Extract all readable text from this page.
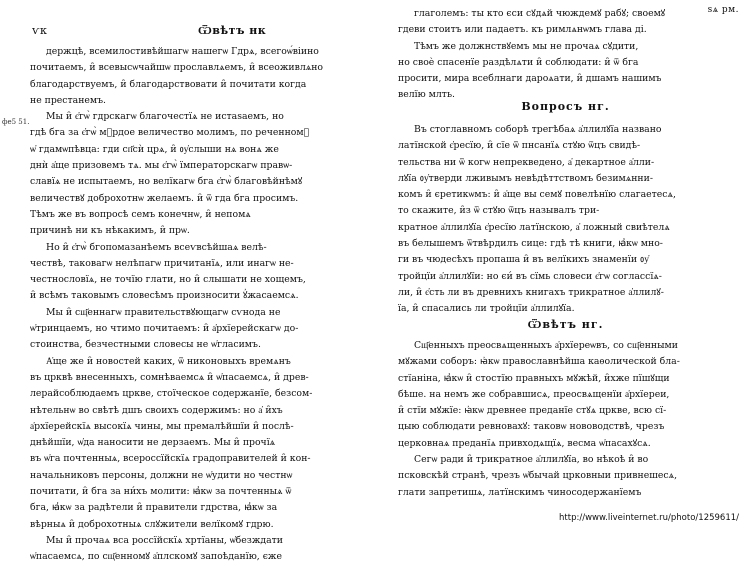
ѵк	Ѿвѣтъ нк
фе5 51.
держцѣ, всемилостивѣйшагѡ нашегѡ Гдрѧ, всегоѡ́віино
почитаемъ, и̑ всевысѡчайшѡ прославлѧемъ, и̑ всеоживлѧно
благодарствуемъ, и̑ благодарствовати и̑ почитати когда
не престанемъ.
Мы и̑ є҆гѡ̀ гдрскагѡ благочестїѧ не истаѕаемъ, но
гдѣ бга за є҆гѡ̀ мᷣрдое величество молимъ, по реченномꙋ
ѡ҆ гдамѡпѣвца: гди сп҃сѝ црѧ, и̑ ᲂу҆слыши нѧ вонѧ же
днѝ а҆ще призовемъ тѧ. мы є҆гѡ̀ їмператорскагѡ правѡ-
славїѧ не испытаемъ, но велїкагѡ бга є҆гѡ̀ благовѣйнѣмꙋ
величествꙋ доброхотнѡ желаемъ. и̑ ѿ гда бга просимъ.
Тѣмъ же въ вопросѣ семъ конечнѡ, и̑ непомѧ
причинѣ ни къ нѣкакимъ, и̑ прѡ.
Но и̑ є҆гѡ̀ бгопомазанѣемъ всеѵвсѣйшаѧ велѣ-
чествѣ, таковагѡ нелѣпагѡ причитанїѧ, или инагѡ не-
честнословїѧ, не точїю глати, но и̑ слышати не хощемъ,
и̑ всѣмъ таковымъ словесѣмъ произносити ꙋ҆жасаемсѧ.
Мы и̑ сщ҃еннагѡ правительствꙋющагѡ сѵнода не
ѡ҆тринцаемъ, но чтимо почитаемъ: и̑ а҆рхїерейскагѡ до-
стоинства, безчестными словесы не ѡ҆гласимъ.
А҆ще же и̑ новостей каких, ѿ никоновыхъ времѧнъ
въ црквѣ внесенныхъ, сомнѣваемсѧ и̑ ѡ҆пасаемсѧ, и̑ древ-
лерайсоблюдаемъ цркве, стоїческое содержанїе, безсом-
нѣтельнѡ во свѣтѣ дшъ своихъ содержимъ: но а҆ и̑хъ
а҆рхїерейскїѧ высокїѧ чины, мы премалѣйшїи и̑ послѣ-
днѣйшїи, ѡ҆да наносити не дерзаемъ. Мы и̑ прочїѧ
въ ѡ҆га почтенныѧ, всероссїйскїѧ градоправителей и̑ кон-
начальниковъ персоны, должни не ѡ҆удити но честнѡ
почитати, и̑ бга за ни́хъ молити: ꙗ҆кѡ за почтенныѧ ѿ
бга, ꙗ҆кѡ за радѣтели и̑ правители гдрства, ꙗ҆кѡ за
вѣрныѧ и̑ доброхотныѧ слꙋжители велїкомꙋ гдрю.
Мы и̑ прочаѧ вса россїйскїѧ хртїаны, ѡ҆безждати
ѡ҆пасаемсѧ, по сщ҃енномꙋ а҆плскомꙋ запоѣданїю, єже
ѕѧ рм.
глаголемъ: ты кто єси сꙋдѧй чюждемꙋ рабꙋ; своемꙋ
гдеви стоитъ или падаетъ. къ римлѧнѡмъ глава ді.
Тѣмъ же должнствꙋемъ мы не прочаѧ сꙋдити,
но своѐ спасенїе раздѣлѧти и̑ соблюдати: и̑ ѿ бга
просити, мира всеблнаги дароѧати, и̑ дшамъ нашимъ
велїю млть.
Вопросъ нг.
Въ стоглавномъ соборѣ трегѣбаѧ а҆ллилꙋїа названо
латїнской є҆ресїю, и̑ сїе ѿ пнсанїѧ стꙋю ѿцъ свидѣ-
тельства ни ѿ когѡ непрекведено, а҆ декартное а҆лли-
лꙋїа ᲂу҆тверди лживымъ невѣдѣттствомъ безимѧнни-
комъ и̑ єретикѡмъ: и̑ а҆ще вы семꙋ повелѣнїю слагаетесѧ,
то скажите, и̑з ѿ стꙋю ѿцъ называлъ три-
кратное а҆ллилꙋїа є҆ресїю латїнскою, а҆ ложный свиѣтелѧ
въ белышемъ ѿтвѣрдилъ сице: гдѣ тѣ книги, ꙗ҆кѡ мно-
ги въ чюдесѣхъ пропаша и̑ въ велїкихъ знаменїи ᲂу҆
тройцїи а҆ллилꙋїи: но єи́ въ сїмь словеси є҆гѡ соглассїѧ-
ли, и̑ є҆сть ли въ древнихъ книгахъ трикратное а҆ллилꙋ-
їа, и̑ спасались ли тройцїи а҆ллилꙋїа.
Ѿвѣтъ нг.
Сщ҃енныхъ преосвѧщенныхъ а҆рхїереѡвъ, со сщ҃енными
мꙋжами соборъ: ꙗ҆кѡ православнѣйша каѳолической бла-
стїаніна, ꙗ҆кѡ и̑ стостїю правныхъ мꙋжѣй, и̑хже пїшꙋщи
бѣше. на немъ же собравшисѧ, преосвѧщенїи а҆рхїереи,
и̑ стїи мꙋжїе: ꙗ҆кѡ древнее преданїе стꙋѧ цркве, всю сї-
цыю соблюдати ревновахꙋ: таковѡ нововодствѣ, чрезъ
церковнаѧ преданїѧ привходѧщїѧ, весма ѡ҆пасахꙋсѧ.
Сегѡ ради и̑ трикратное а҆ллилꙋїа, во нѣкоѣ и̑ во
псковскѣй странѣ, чрезъ ѡ҆бычай црковныи привнешесѧ,
глати запретишѧ, латїнскимъ чиносодержанїемъ
http://www.liveinternet.ru/photo/1259611/
